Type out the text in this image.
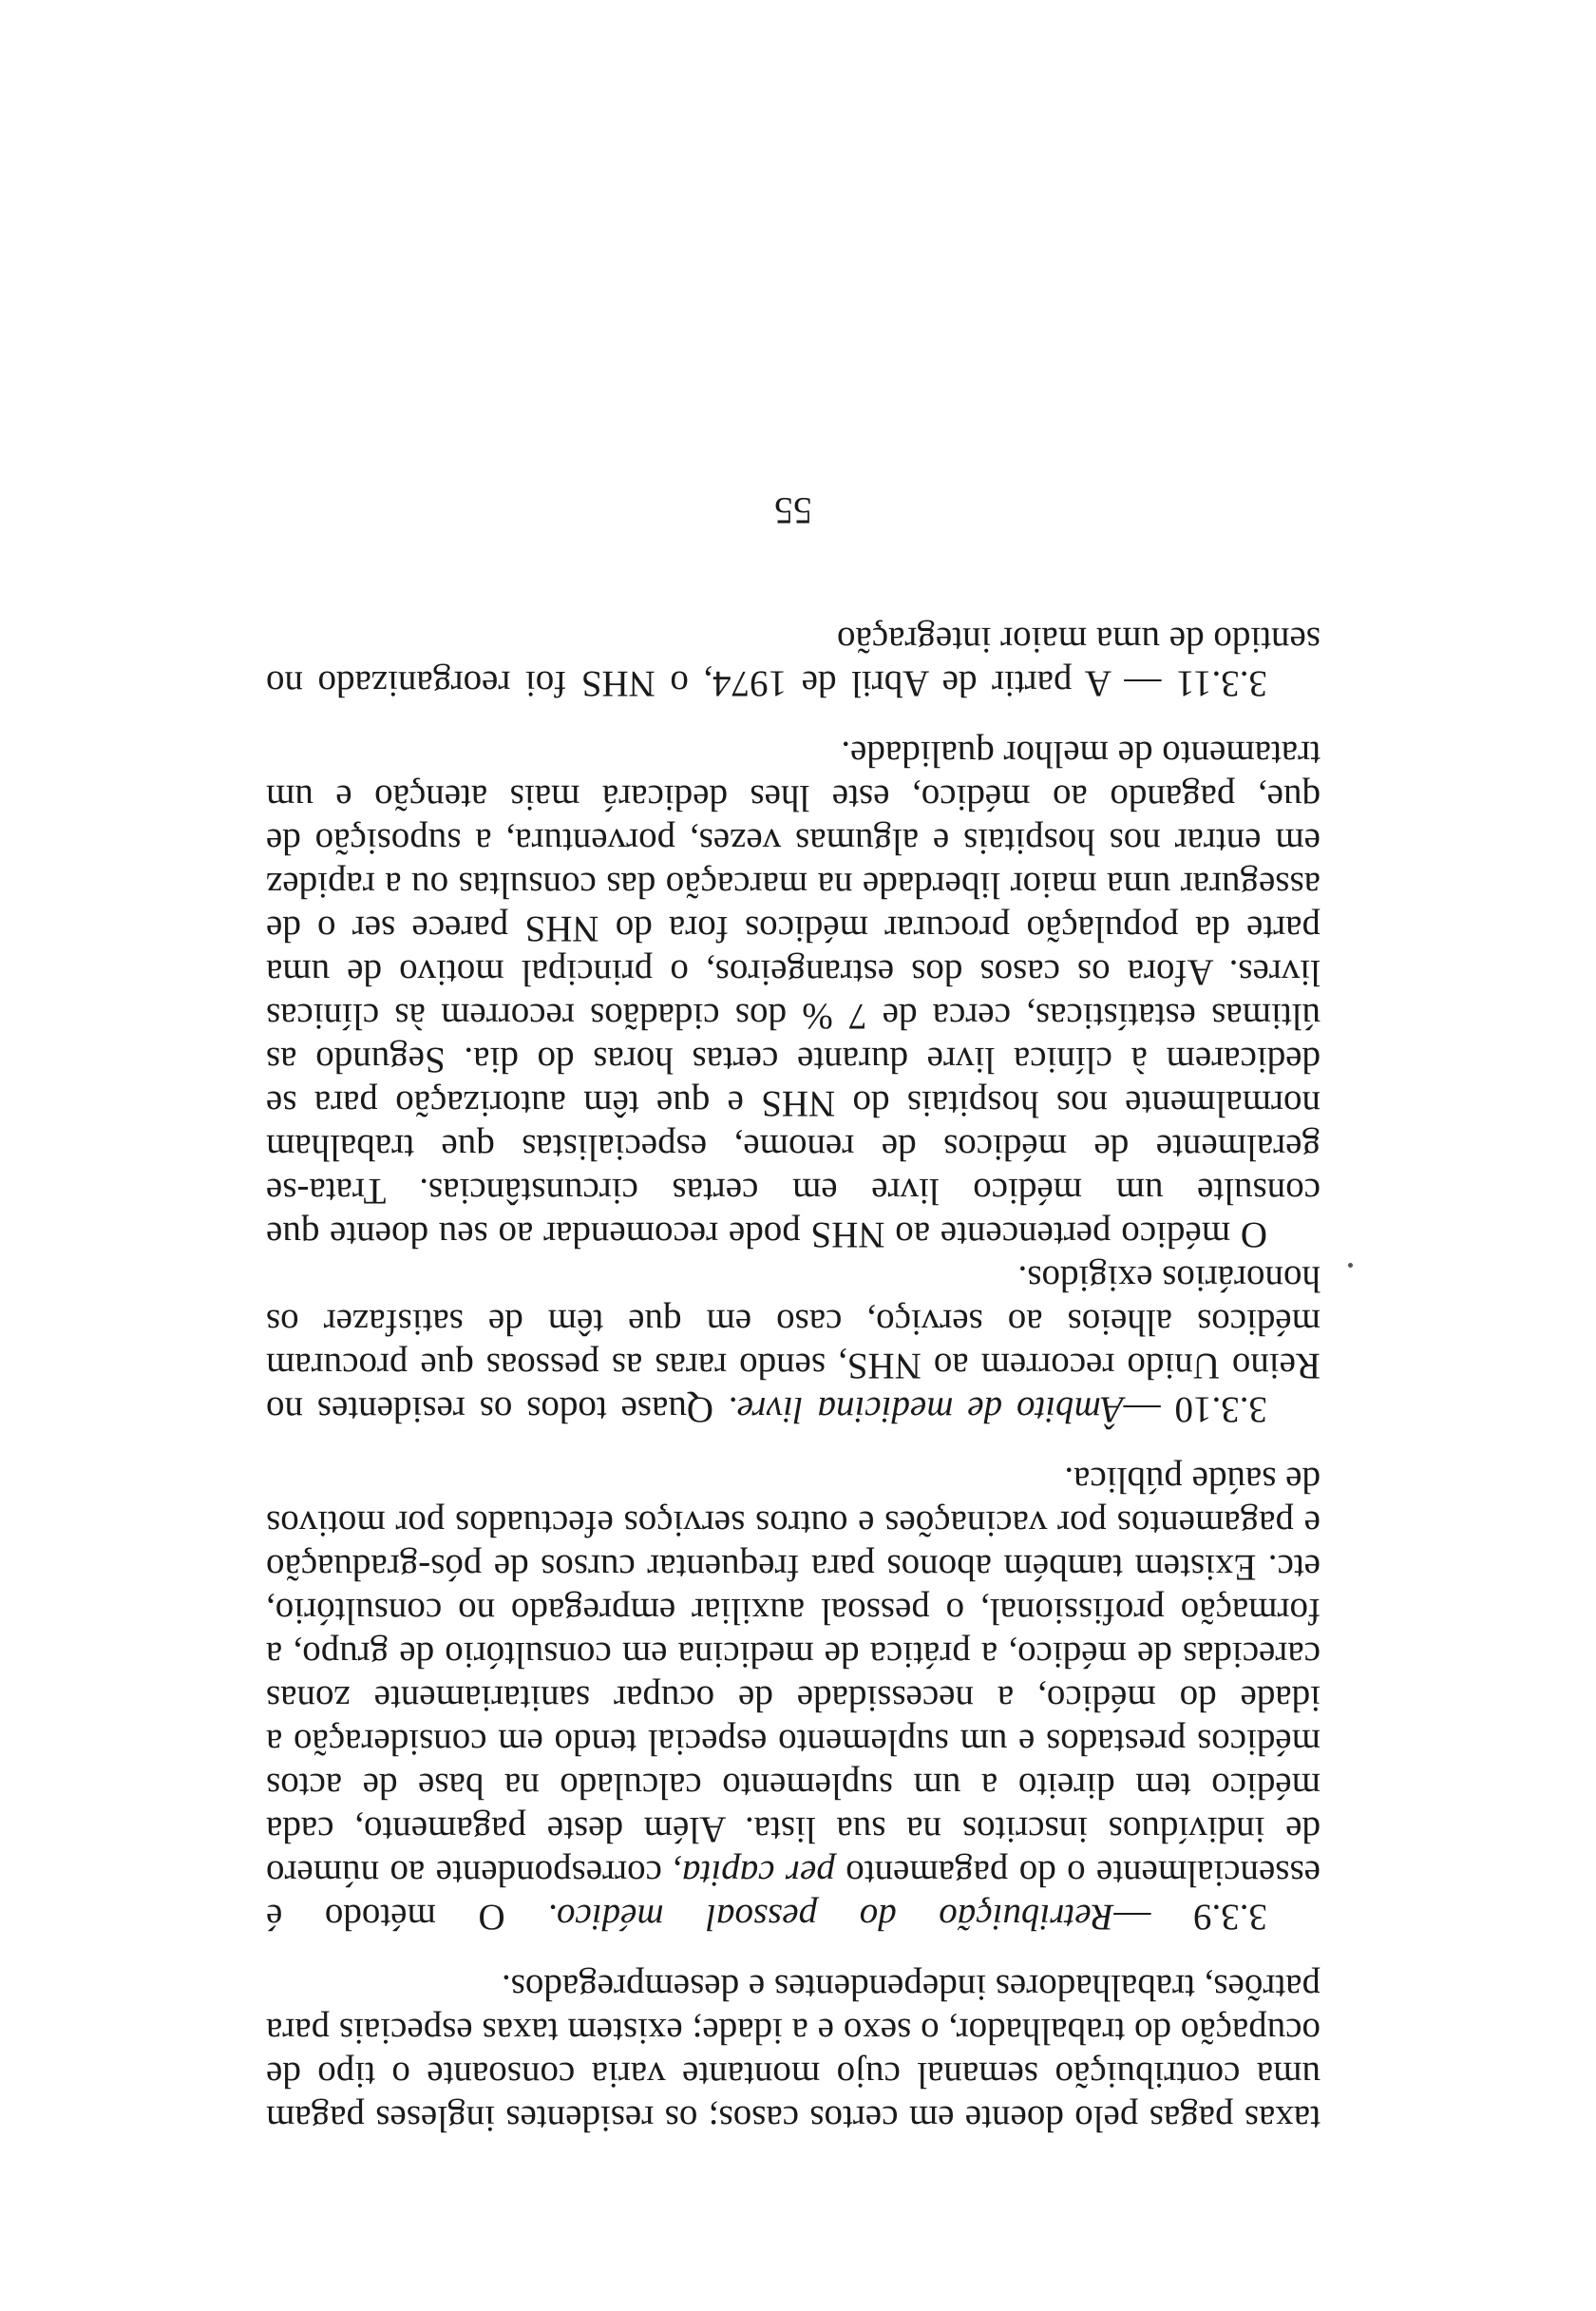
taxas pagas pelo doente em certos casos; os residentes ingleses pagam uma contribuição semanal cujo montante varia consoante o tipo de ocupação do trabalhador, o sexo e a idade; existem taxas especiais para patrões, trabalhadores independentes e desempregados.

3.3.9 —Retribuição do pessoal médico. O método é essencialmente o do pagamento per capita, correspondente ao número de indivíduos inscritos na sua lista. Além deste pagamento, cada médico tem direito a um suplemento calculado na base de actos médicos prestados e um suplemento especial tendo em consideração a idade do médico, a necessidade de ocupar sanitariamente zonas carecidas de médico, a prática de medicina em consultório de grupo, a formação profissional, o pessoal auxiliar empregado no consultório, etc. Existem também abonos para frequentar cursos de pós-graduação e pagamentos por vacinações e outros serviços efectuados por motivos de saúde pública.

3.3.10 —Âmbito de medicina livre. Quase todos os residentes no Reino Unido recorrem ao NHS, sendo raras as pessoas que procuram médicos alheios ao serviço, caso em que têm de satisfazer os honorários exigidos.

O médico pertencente ao NHS pode recomendar ao seu doente que consulte um médico livre em certas circunstâncias. Trata-se geralmente de médicos de renome, especialistas que trabalham normalmente nos hospitais do NHS e que têm autorização para se dedicarem à clínica livre durante certas horas do dia. Segundo as últimas estatísticas, cerca de 7 % dos cidadãos recorrem às clínicas livres. Afora os casos dos estrangeiros, o principal motivo de uma parte da população procurar médicos fora do NHS parece ser o de assegurar uma maior liberdade na marcação das consultas ou a rapidez em entrar nos hospitais e algumas vezes, porventura, a suposição de que, pagando ao médico, este lhes dedicará mais atenção e um tratamento de melhor qualidade.

3.3.11 — A partir de Abril de 1974, o NHS foi reorganizado no sentido de uma maior integração

55
